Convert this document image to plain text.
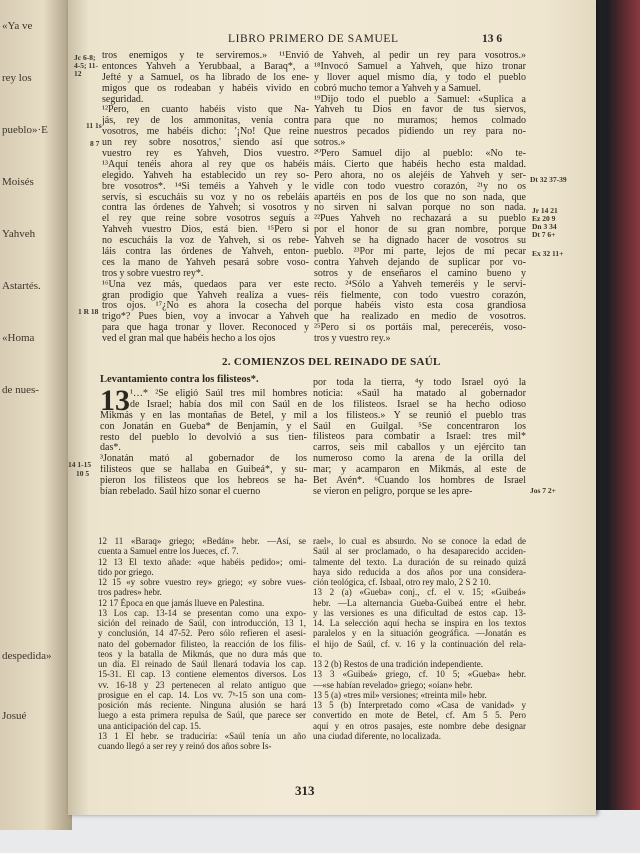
«Ya ve
rey los
pueblo»·E
Moisés
Yahveh
Astartés.
«Homa
de nues-
despedida»
Josué
LIBRO PRIMERO DE SAMUEL	13 6
tros enemigos y te serviremos.» ¹¹Envió
entonces Yahveh a Yerubbaal, a Baraq*, a
Jefté y a Samuel, os ha librado de los ene-
migos que os rodeaban y habéis vivido en
seguridad.
¹²Pero, en cuanto habéis visto que Na-
jás, rey de los ammonitas, venía contra
vosotros, me habéis dicho: '¡No! Que reine
un rey sobre nosotros,' siendo así que
vuestro rey es Yahveh, Dios vuestro.
¹³Aquí tenéis ahora al rey que os habéis
elegido. Yahveh ha establecido un rey so-
bre vosotros*. ¹⁴Si teméis a Yahveh y le
servís, si escucháis su voz y no os rebeláis
contra las órdenes de Yahveh; si vosotros y
el rey que reine sobre vosotros seguís a
Yahveh vuestro Dios, está bien. ¹⁵Pero si
no escucháis la voz de Yahveh, si os rebe-
láis contra las órdenes de Yahveh, enton-
ces la mano de Yahveh pesará sobre voso-
tros y sobre vuestro rey*.
¹⁶Una vez más, quedaos para ver este
gran prodigio que Yahveh realiza a vues-
tros ojos. ¹⁷¿No es ahora la cosecha del
trigo*? Pues bien, voy a invocar a Yahveh
para que haga tronar y llover. Reconoced y
ved el gran mal que habéis hecho a los ojos
de Yahveh, al pedir un rey para vosotros.»
¹⁸Invocó Samuel a Yahveh, que hizo tronar
y llover aquel mismo día, y todo el pueblo
cobró mucho temor a Yahveh y a Samuel.
¹⁹Dijo todo el pueblo a Samuel: «Suplica a
Yahveh tu Dios en favor de tus siervos,
para que no muramos; hemos colmado
nuestros pecados pidiendo un rey para no-
sotros.»
²⁰Pero Samuel dijo al pueblo: «No te-
máis. Cierto que habéis hecho esta maldad.
Pero ahora, no os alejéis de Yahveh y ser-
vidle con todo vuestro corazón, ²¹y no os
apartéis en pos de los que no son nada, que
no sirven ni salvan porque no son nada.
²²Pues Yahveh no rechazará a su pueblo
por el honor de su gran nombre, porque
Yahveh se ha dignado hacer de vosotros su
pueblo. ²³Por mi parte, lejos de mí pecar
contra Yahveh dejando de suplicar por vo-
sotros y de enseñaros el camino bueno y
recto. ²⁴Sólo a Yahveh temeréis y le servi-
réis fielmente, con todo vuestro corazón,
porque habéis visto esta cosa grandiosa
que ha realizado en medio de vosotros.
²⁵Pero si os portáis mal, pereceréis, voso-
tros y vuestro rey.»
Jc 6-8; 4-5; 11-12
11 1s
8 7
1 R 18
Dt 32 37-39
Jr 14 21
Ez 20 9
Dn 3 34
Dt 7 6+
Ex 32 11+
14 1-15
10 5
Jos 7 2+
2. COMIENZOS DEL REINADO DE SAÚL
Levantamiento contra los filisteos*.
13 ¹…* ²Se eligió Saúl tres mil hombres
de Israel; había dos mil con Saúl en
Mikmás y en las montañas de Betel, y mil
con Jonatán en Gueba* de Benjamín, y el
resto del pueblo lo devolvió a sus tien-
das*.
³Jonatán mató al gobernador de los
filisteos que se hallaba en Guibeá*, y su-
pieron los filisteos que los hebreos se ha-
bían rebelado. Saúl hizo sonar el cuerno
por toda la tierra, ⁴y todo Israel oyó la
noticia: «Saúl ha matado al gobernador
de los filisteos. Israel se ha hecho odioso
a los filisteos.» Y se reunió el pueblo tras
Saúl en Guilgal. ⁵Se concentraron los
filisteos para combatir a Israel: tres mil*
carros, seis mil caballos y un ejército tan
numeroso como la arena de la orilla del
mar; y acamparon en Mikmás, al este de
Bet Avén*. ⁶Cuando los hombres de Israel
se vieron en peligro, porque se les apre-
12 11 «Baraq» griego; «Bedán» hebr. —Así, se
cuenta a Samuel entre los Jueces, cf. 7.
12 13 El texto añade: «que habéis pedido»; omi-
tido por griego.
12 15 «y sobre vuestro rey» griego; «y sobre vues-
tros padres» hebr.
12 17 Época en que jamás llueve en Palestina.
13 Los cap. 13-14 se presentan como una expo-
sición del reinado de Saúl, con introducción, 13 1,
y conclusión, 14 47-52. Pero sólo refieren el asesi-
nato del gobernador filisteo, la reacción de los filis-
teos y la batalla de Mikmás, que no dura más que
un día. El reinado de Saúl llenará todavía los cap.
15-31. El cap. 13 contiene elementos diversos. Los
vv. 16-18 y 23 pertenecen al relato antiguo que
prosigue en el cap. 14. Los vv. 7ᵇ-15 son una com-
posición más reciente. Ninguna alusión se hará
luego a esta primera repulsa de Saúl, que parece ser
una anticipación del cap. 15.
13 1 El hebr. se traduciría: «Saúl tenía un año
cuando llegó a ser rey y reinó dos años sobre Is-
rael», lo cual es absurdo. No se conoce la edad de
Saúl al ser proclamado, o ha desaparecido acciden-
talmente del texto. La duración de su reinado quizá
haya sido reducida a dos años por una considera-
ción teológica, cf. Isbaal, otro rey malo, 2 S 2 10.
13 2 (a) «Gueba» conj., cf. el v. 15; «Guibeá»
hebr. —La alternancia Gueba-Guibeá entre el hebr.
y las versiones es una dificultad de estos cap. 13-
14. La selección aquí hecha se inspira en los textos
paralelos y en la situación geográfica. —Jonatán es
el hijo de Saúl, cf. v. 16 y la continuación del rela-
to.
13 2 (b) Restos de una tradición independiente.
13 3 «Guibeá» griego, cf. 10 5; «Gueba» hebr.
—«se habían revelado» griego; «oían» hebr.
13 5 (a) «tres mil» versiones; «treinta mil» hebr.
13 5 (b) Interpretado como «Casa de vanidad» y
convertido en mote de Betel, cf. Am 5 5. Pero
aquí y en otros pasajes, este nombre debe designar
una ciudad diferente, no localizada.
313
